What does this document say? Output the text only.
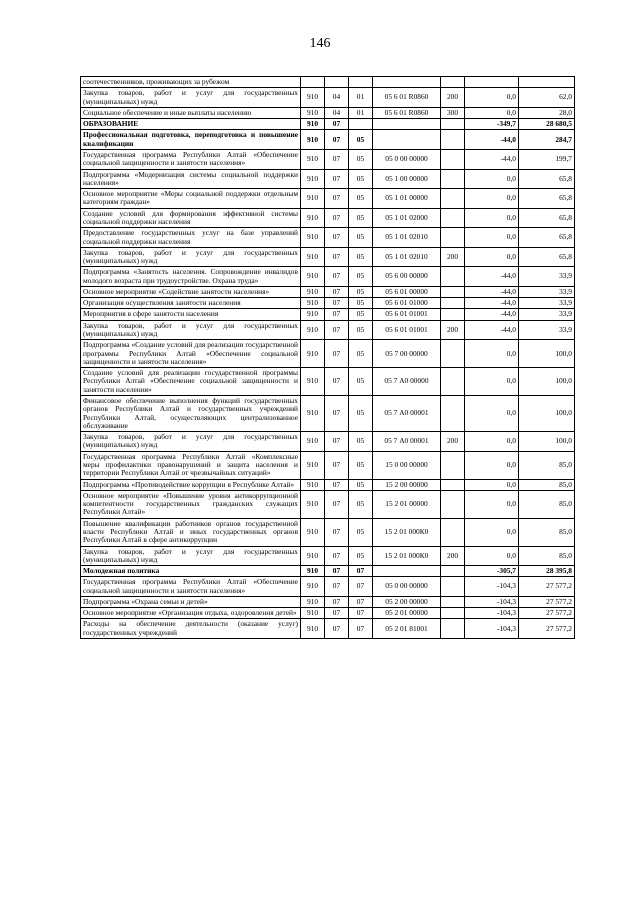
146
соотечественников, проживающих за рубежом							
Закупка товаров, работ и услуг для государственных (муниципальных) нужд	910	04	01	05 6 01 R0860	200	0,0	62,0
Социальное обеспечение и иные выплаты населению	910	04	01	05 6 01 R0860	300	0,0	28,0
ОБРАЗОВАНИЕ	910	07				-349,7	28 680,5
Профессиональная подготовка, переподготовка и повышение квалификации	910	07	05			-44,0	284,7
Государственная программа Республики Алтай «Обеспечение социальной защищенности и занятости населения»	910	07	05	05 0 00 00000		-44,0	199,7
Подпрограмма «Модернизация системы социальной поддержки населения»	910	07	05	05 1 00 00000		0,0	65,8
Основное мероприятие «Меры социальной поддержки отдельным категориям граждан»	910	07	05	05 1 01 00000		0,0	65,8
Создание условий для формирования эффективной системы социальной поддержки населения	910	07	05	05 1 01 02000		0,0	65,8
Предоставление государственных услуг на базе управлений социальной поддержки населения	910	07	05	05 1 01 02010		0,0	65,8
Закупка товаров, работ и услуг для государственных (муниципальных) нужд	910	07	05	05 1 01 02010	200	0,0	65,8
Подпрограмма «Занятость населения. Сопровождение инвалидов молодого возраста при трудоустройстве. Охрана труда»	910	07	05	05 6 00 00000		-44,0	33,9
Основное мероприятие «Содействие занятости населения»	910	07	05	05 6 01 00000		-44,0	33,9
Организация осуществления занятости населения	910	07	05	05 6 01 01000		-44,0	33,9
Мероприятия в сфере занятости населения	910	07	05	05 6 01 01001		-44,0	33,9
Закупка товаров, работ и услуг для государственных (муниципальных) нужд	910	07	05	05 6 01 01001	200	-44,0	33,9
Подпрограмма «Создание условий для реализации государственной программы Республики Алтай «Обеспечение социальной защищенности и занятости населения»	910	07	05	05 7 00 00000		0,0	100,0
Создание условий для реализации государственной программы Республики Алтай «Обеспечение социальной защищенности и занятости населения»	910	07	05	05 7 А0 00000		0,0	100,0
Финансовое обеспечение выполнения функций государственных органов Республики Алтай и государственных учреждений Республики Алтай, осуществляющих централизованное обслуживание	910	07	05	05 7 А0 00001		0,0	100,0
Закупка товаров, работ и услуг для государственных (муниципальных) нужд	910	07	05	05 7 А0 00001	200	0,0	100,0
Государственная программа Республики Алтай «Комплексные меры профилактики правонарушений и защита населения и территории Республики Алтай от чрезвычайных ситуаций»	910	07	05	15 0 00 00000		0,0	85,0
Подпрограмма «Противодействие коррупции в Республике Алтай»	910	07	05	15 2 00 00000		0,0	85,0
Основное мероприятие «Повышение уровня антикоррупционной компетентности государственных гражданских служащих Республики Алтай»	910	07	05	15 2 01 00000		0,0	85,0
Повышение квалификации работников органов государственной власти Республики Алтай и иных государственных органов Республики Алтай в сфере антикоррупции	910	07	05	15 2 01 000К0		0,0	85,0
Закупка товаров, работ и услуг для государственных (муниципальных) нужд	910	07	05	15 2 01 000К0	200	0,0	85,0
Молодежная политика	910	07	07			-305,7	28 395,8
Государственная программа Республики Алтай «Обеспечение социальной защищенности и занятости населения»	910	07	07	05 0 00 00000		-104,3	27 577,2
Подпрограмма «Охрана семьи и детей»	910	07	07	05 2 00 00000		-104,3	27 577,2
Основное мероприятие «Организация отдыха, оздоровления детей»	910	07	07	05 2 01 00000		-104,3	27 577,2
Расходы на обеспечение деятельности (оказание услуг) государственных учреждений	910	07	07	05 2 01 81001		-104,3	27 577,2
